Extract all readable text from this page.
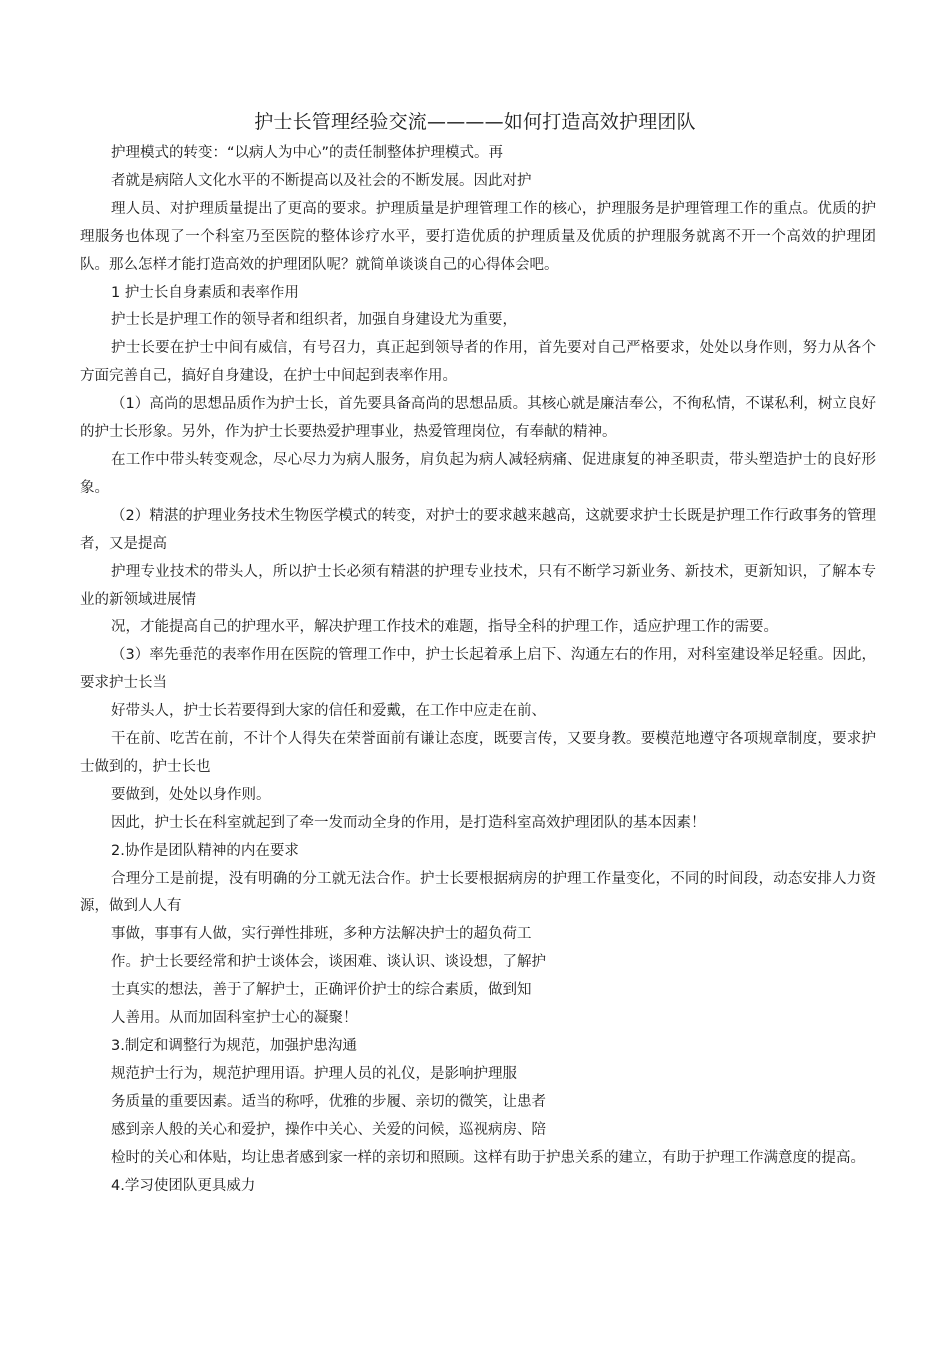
护士长管理经验交流————如何打造高效护理团队

护理模式的转变：“以病人为中心”的责任制整体护理模式。再

者就是病陪人文化水平的不断提高以及社会的不断发展。因此对护

理人员、对护理质量提出了更高的要求。护理质量是护理管理工作的核心，护理服务是护理管理工作的重点。优质的护理服务也体现了一个科室乃至医院的整体诊疗水平，要打造优质的护理质量及优质的护理服务就离不开一个高效的护理团队。那么怎样才能打造高效的护理团队呢？就简单谈谈自己的心得体会吧。

1 护士长自身素质和表率作用

护士长是护理工作的领导者和组织者，加强自身建设尤为重要，

护士长要在护士中间有威信，有号召力，真正起到领导者的作用，首先要对自己严格要求，处处以身作则，努力从各个方面完善自己，搞好自身建设，在护士中间起到表率作用。

（1）高尚的思想品质作为护士长，首先要具备高尚的思想品质。其核心就是廉洁奉公，不徇私情，不谋私利，树立良好的护士长形象。另外，作为护士长要热爱护理事业，热爱管理岗位，有奉献的精神。

在工作中带头转变观念，尽心尽力为病人服务，肩负起为病人减轻病痛、促进康复的神圣职责，带头塑造护士的良好形象。

（2）精湛的护理业务技术生物医学模式的转变，对护士的要求越来越高，这就要求护士长既是护理工作行政事务的管理者，又是提高

护理专业技术的带头人，所以护士长必须有精湛的护理专业技术，只有不断学习新业务、新技术，更新知识，了解本专业的新领域进展情

况，才能提高自己的护理水平，解决护理工作技术的难题，指导全科的护理工作，适应护理工作的需要。

（3）率先垂范的表率作用在医院的管理工作中，护士长起着承上启下、沟通左右的作用，对科室建设举足轻重。因此，要求护士长当

好带头人，护士长若要得到大家的信任和爱戴，在工作中应走在前、

干在前、吃苦在前，不计个人得失在荣誉面前有谦让态度，既要言传，又要身教。要模范地遵守各项规章制度，要求护士做到的，护士长也

要做到，处处以身作则。

因此，护士长在科室就起到了牵一发而动全身的作用，是打造科室高效护理团队的基本因素！

2.协作是团队精神的内在要求

合理分工是前提，没有明确的分工就无法合作。护士长要根据病房的护理工作量变化，不同的时间段，动态安排人力资源，做到人人有

事做，事事有人做，实行弹性排班，多种方法解决护士的超负荷工

作。护士长要经常和护士谈体会，谈困难、谈认识、谈设想，了解护

士真实的想法，善于了解护士，正确评价护士的综合素质，做到知

人善用。从而加固科室护士心的凝聚！

3.制定和调整行为规范，加强护患沟通

规范护士行为，规范护理用语。护理人员的礼仪，是影响护理服

务质量的重要因素。适当的称呼，优雅的步履、亲切的微笑，让患者

感到亲人般的关心和爱护，操作中关心、关爱的问候，巡视病房、陪

检时的关心和体贴，均让患者感到家一样的亲切和照顾。这样有助于护患关系的建立，有助于护理工作满意度的提高。

4.学习使团队更具威力
